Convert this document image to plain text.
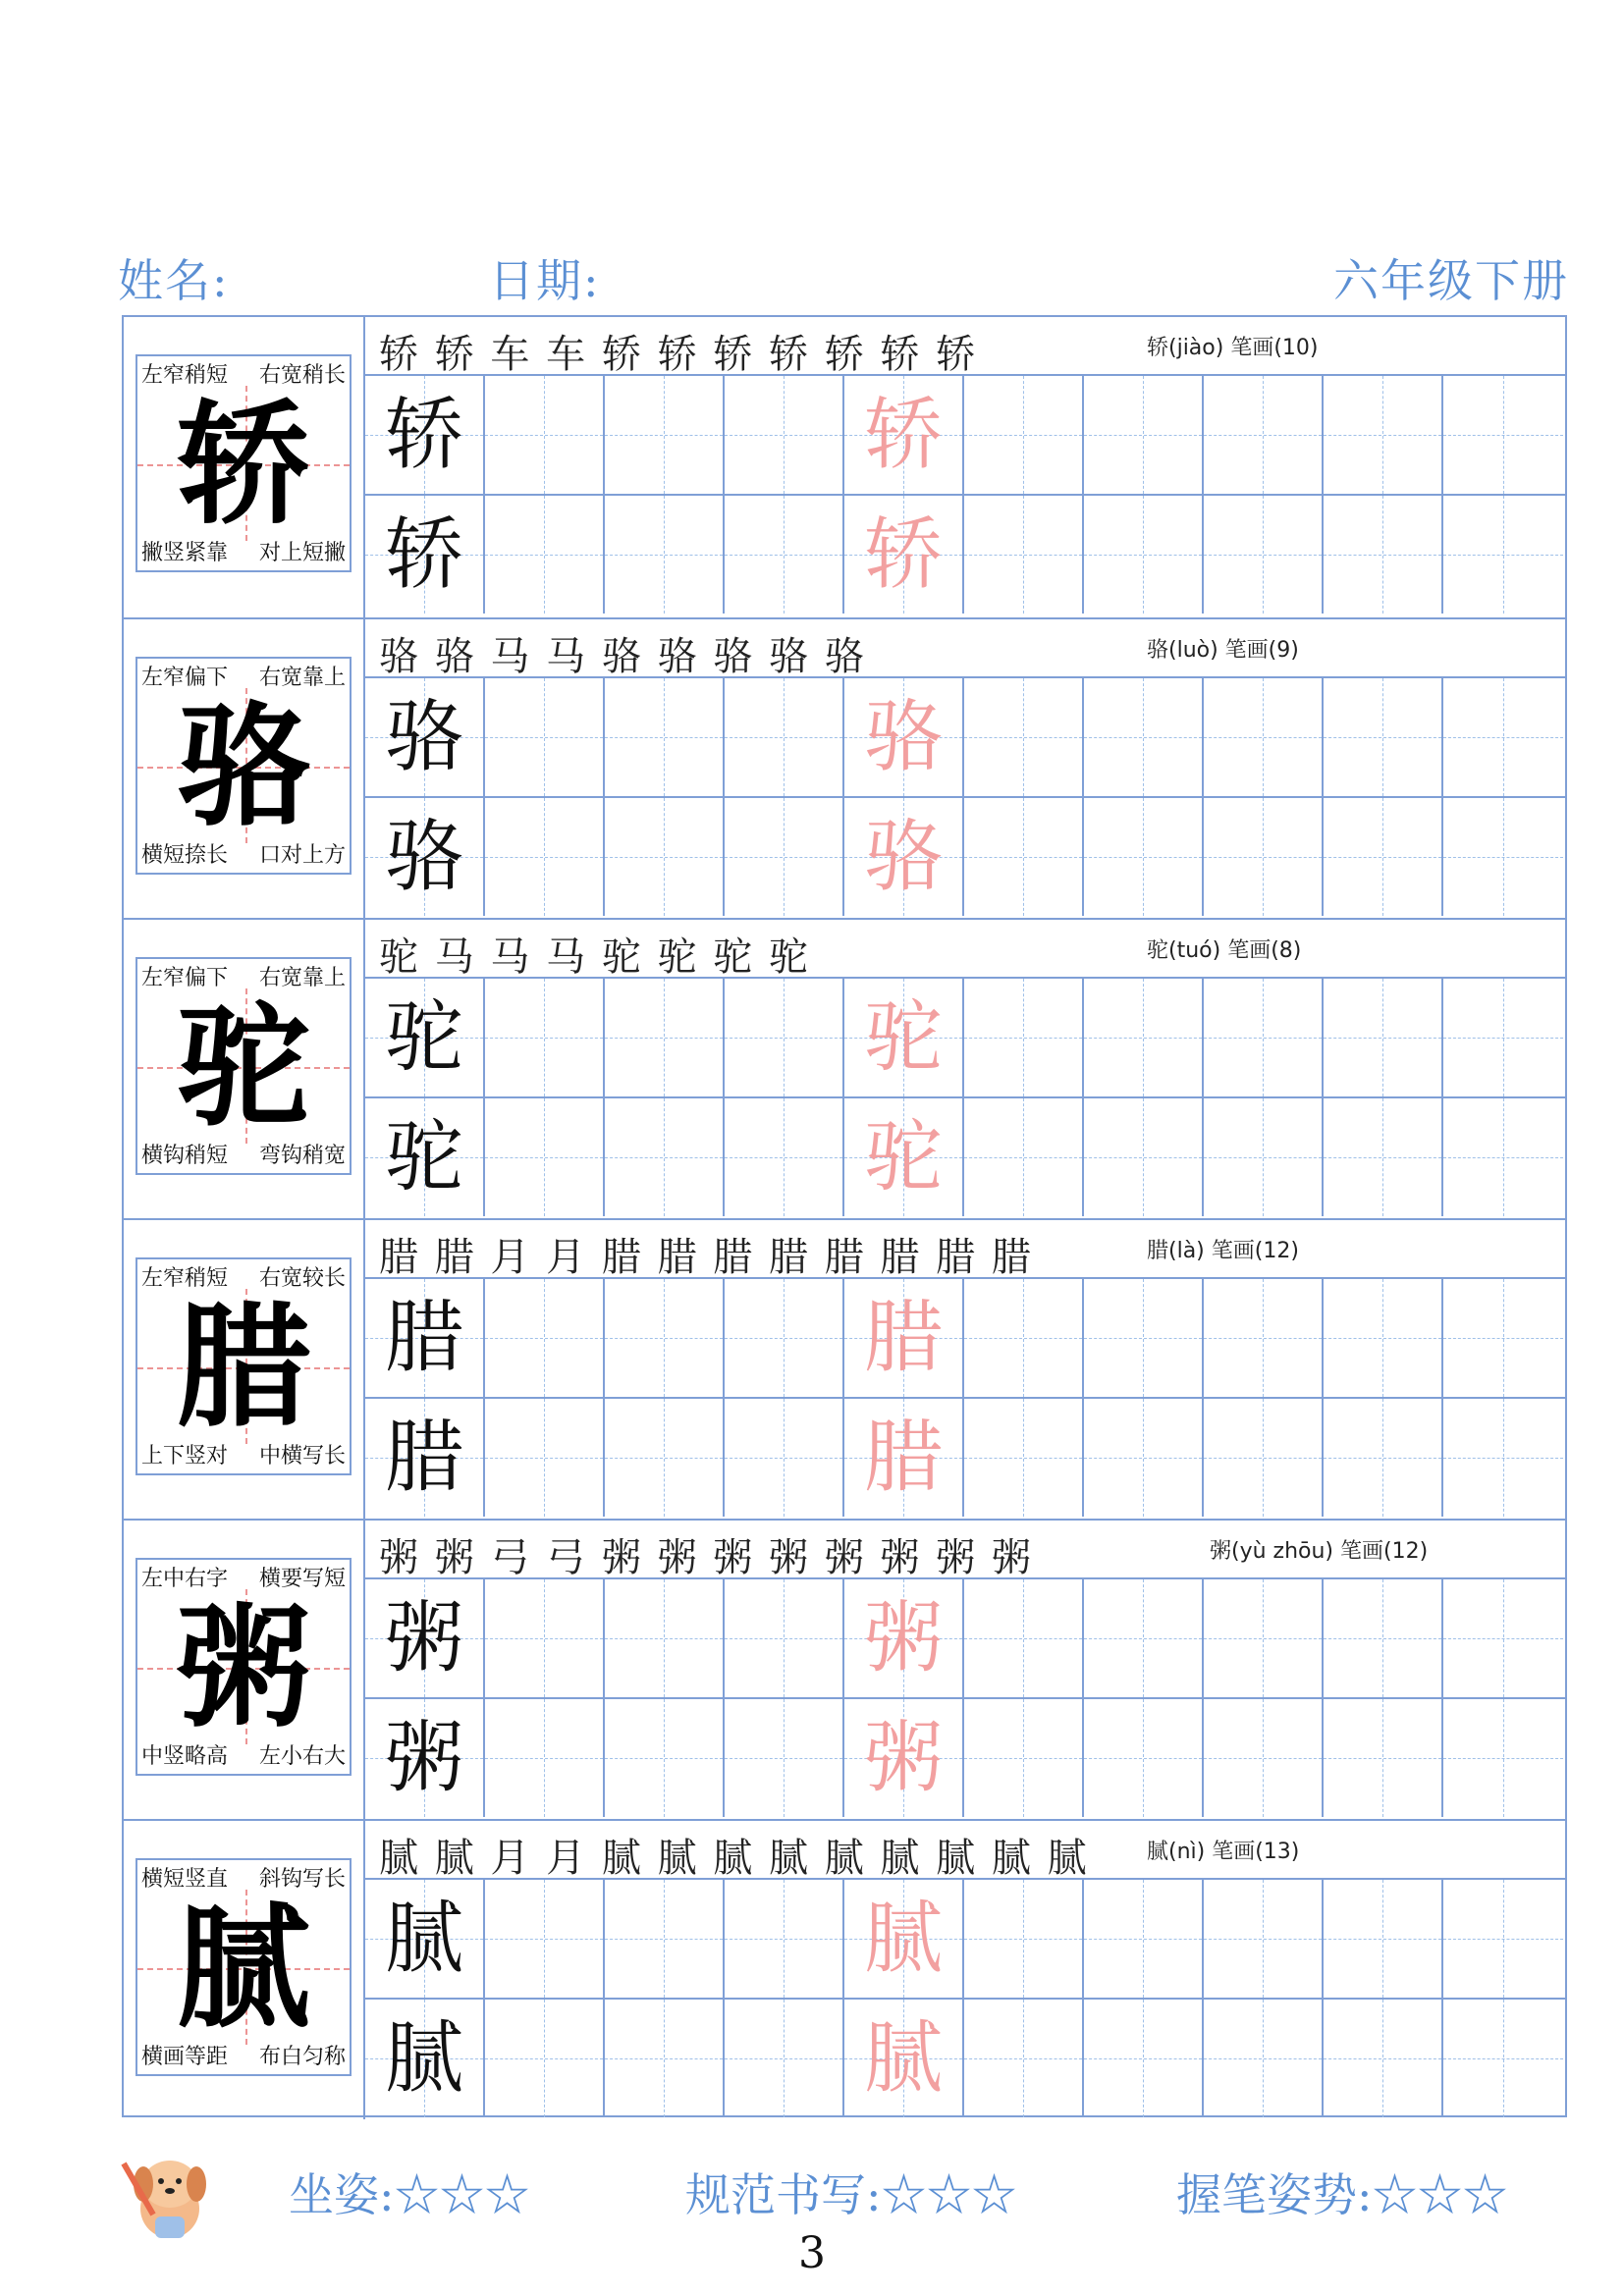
姓名:	日期:	六年级下册
左窄稍短 右宽稍长
撇竖紧靠 对上短撇
轿
轿 轿 车 车 轿 轿 轿 轿 轿 轿 轿	轿(jiào) 笔画(10)
轿	轿
轿	轿
左窄偏下 右宽靠上
横短捺长 口对上方
骆
骆 骆 马 马 骆 骆 骆 骆 骆	骆(luò) 笔画(9)
骆	骆
骆	骆
左窄偏下 右宽靠上
横钩稍短 弯钩稍宽
驼
驼 马 马 马 驼 驼 驼 驼	驼(tuó) 笔画(8)
驼	驼
驼	驼
左窄稍短 右宽较长
上下竖对 中横写长
腊
腊 腊 月 月 腊 腊 腊 腊 腊 腊 腊 腊	腊(là) 笔画(12)
腊	腊
腊	腊
左中右字 横要写短
中竖略高 左小右大
粥
粥 粥 弓 弓 粥 粥 粥 粥 粥 粥 粥 粥	粥(yù zhōu) 笔画(12)
粥	粥
粥	粥
横短竖直 斜钩写长
横画等距 布白匀称
腻
腻 腻 月 月 腻 腻 腻 腻 腻 腻 腻 腻 腻	腻(nì) 笔画(13)
腻	腻
腻	腻
坐姿:☆☆☆	规范书写:☆☆☆	握笔姿势:☆☆☆
3
